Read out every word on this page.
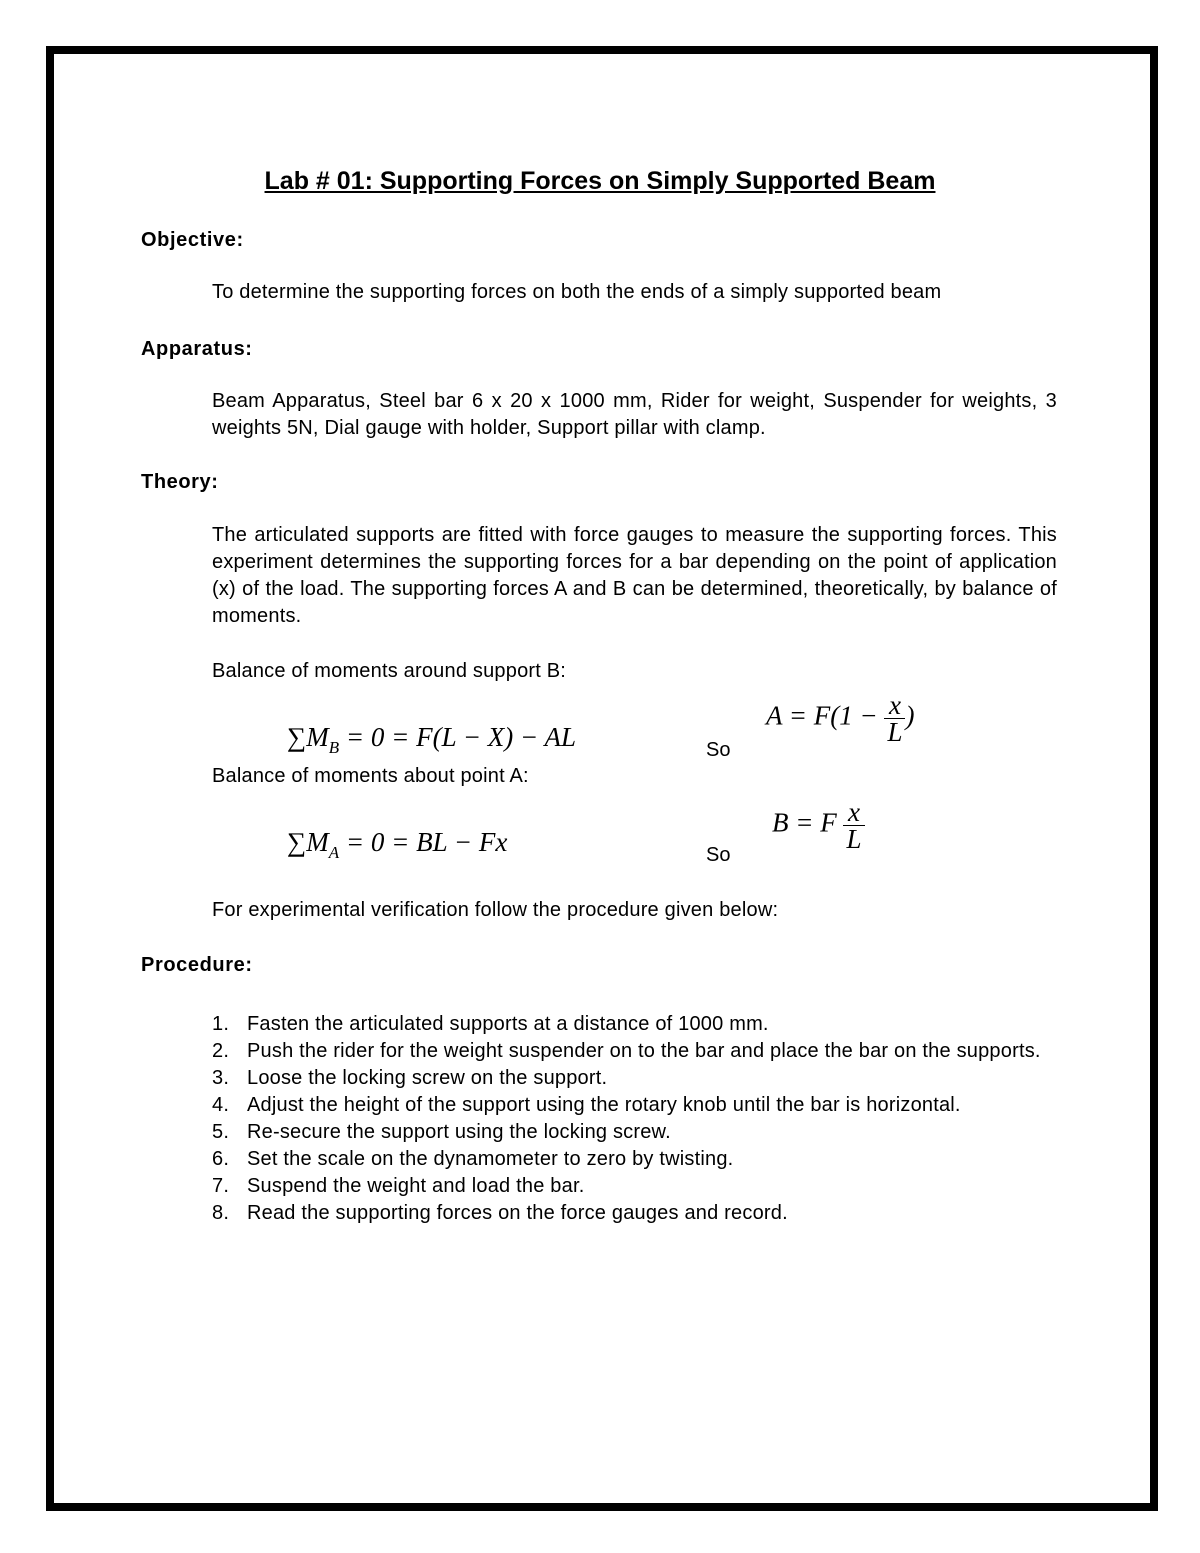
Lab # 01: Supporting Forces on Simply Supported Beam
Objective:

To determine the supporting forces on both the ends of a simply supported beam

Apparatus:

Beam Apparatus, Steel bar 6 x 20 x 1000 mm, Rider for weight, Suspender for weights, 3 weights 5N, Dial gauge with holder, Support pillar with clamp.

Theory:

The articulated supports are fitted with force gauges to measure the supporting forces. This experiment determines the supporting forces for a bar depending on the point of application (x) of the load. The supporting forces A and B can be determined, theoretically, by balance of moments.

Balance of moments around support B:

$\sum M_B = 0 = F(L - X)$ − AL	So
$A = F(1 - \frac{x}{L}$ )

Balance of moments about point A:

$\sum M_A = 0$ = BL − Fx	So
B = F $\frac{x}{L}$

For experimental verification follow the procedure given below:

Procedure:
1. Fasten the articulated supports at a distance of 1000 mm.
2. Push the rider for the weight suspender on to the bar and place the bar on the supports.
3. Loose the locking screw on the support.
4. Adjust the height of the support using the rotary knob until the bar is horizontal.
5. Re-secure the support using the locking screw.
6. Set the scale on the dynamometer to zero by twisting.
7. Suspend the weight and load the bar.
8. Read the supporting forces on the force gauges and record.
